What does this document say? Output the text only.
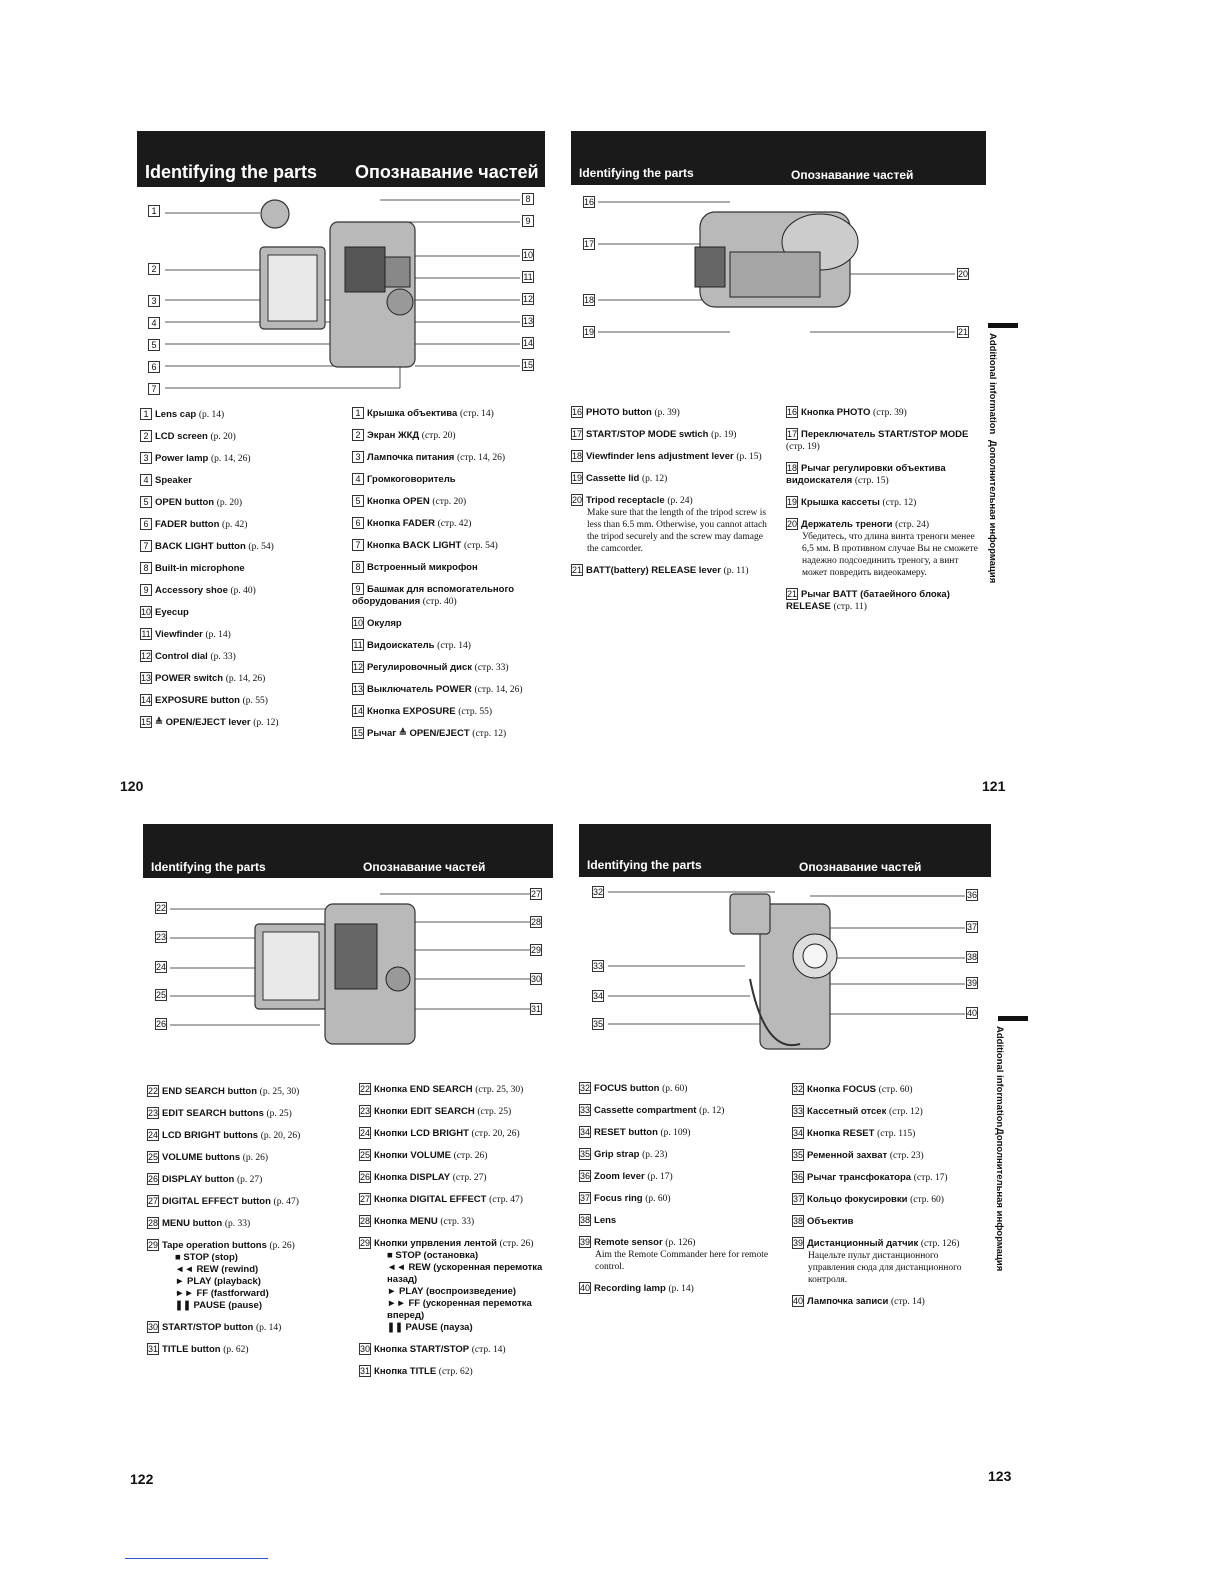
Identifying the parts Опознавание частей
1
2
3
4
5
6
7
8
9
10
11
12
13
14
15
1 Lens cap (p. 14)
2 LCD screen (p. 20)
3 Power lamp (p. 14, 26)
4 Speaker
5 OPEN button (p. 20)
6 FADER button (p. 42)
7 BACK LIGHT button (p. 54)
8 Built-in microphone
9 Accessory shoe (p. 40)
10 Eyecup
11 Viewfinder (p. 14)
12 Control dial (p. 33)
13 POWER switch (p. 14, 26)
14 EXPOSURE button (p. 55)
15 ≜ OPEN/EJECT lever (p. 12)
1 Крышка объектива (стр. 14)
2 Экран ЖКД (стр. 20)
3 Лампочка питания (стр. 14, 26)
4 Громкоговоритель
5 Кнопка OPEN (стр. 20)
6 Кнопка FADER (стр. 42)
7 Кнопка BACK LIGHT (стр. 54)
8 Встроенный микрофон
9 Башмак для вспомогательного оборудования (стр. 40)
10 Окуляр
11 Видоискатель (стр. 14)
12 Регулировочный диск (стр. 33)
13 Выключатель POWER (стр. 14, 26)
14 Кнопка EXPOSURE (стр. 55)
15 Рычаг ≜ OPEN/EJECT (стр. 12)
120
Identifying the parts	Опознавание частей
16
17
18
19
20
21
16 PHOTO button (p. 39)
17 START/STOP MODE swtich (p. 19)
18 Viewfinder lens adjustment lever (p. 15)
19 Cassette lid (p. 12)
20 Tripod receptacle (p. 24)
Make sure that the length of the tripod screw is less than 6.5 mm. Otherwise, you cannot attach the tripod securely and the screw may damage the camcorder.
21 BATT(battery) RELEASE lever (p. 11)
16 Кнопка PHOTO (стр. 39)
17 Переключатель START/STOP MODE (стр. 19)
18 Рычаг регулировки объектива видоискателя (стр. 15)
19 Крышка кассеты (стр. 12)
20 Держатель треноги (стр. 24)
Убедитесь, что длина винта треноги менее 6,5 мм. В противном случае Вы не сможете надежно подсоединить треногу, а винт может повредить видеокамеру.
21 Рычаг BATT (батаейного блока) RELEASE (стр. 11)
121
Additional information
Дополнительная информация
Identifying the parts	Опознавание частей
22
23
24
25
26
27
28
29
30
31
22 END SEARCH button (p. 25, 30)
23 EDIT SEARCH buttons (p. 25)
24 LCD BRIGHT buttons (p. 20, 26)
25 VOLUME buttons (p. 26)
26 DISPLAY button (p. 27)
27 DIGITAL EFFECT button (p. 47)
28 MENU button (p. 33)
29 Tape operation buttons (p. 26)
■ STOP (stop)
◄◄ REW (rewind)
► PLAY (playback)
►► FF (fastforward)
❚❚ PAUSE (pause)
30 START/STOP button (p. 14)
31 TITLE button (p. 62)
22 Кнопка END SEARCH (стр. 25, 30)
23 Кнопки EDIT SEARCH (стр. 25)
24 Кнопки LCD BRIGHT (стр. 20, 26)
25 Кнопки VOLUME (стр. 26)
26 Кнопка DISPLAY (стр. 27)
27 Кнопка DIGITAL EFFECT (стр. 47)
28 Кнопка MENU (стр. 33)
29 Кнопки упрвления лентой (стр. 26)
■ STOP (остановка)
◄◄ REW (ускоренная перемотка назад)
► PLAY (воспроизведение)
►► FF (ускоренная перемотка вперед)
❚❚ PAUSE (пауза)
30 Кнопка START/STOP (стр. 14)
31 Кнопка TITLE (стр. 62)
122
Identifying the parts	Опознавание частей
32
33
34
35
36
37
38
39
40
32 FOCUS button (p. 60)
33 Cassette compartment (p. 12)
34 RESET button (p. 109)
35 Grip strap (p. 23)
36 Zoom lever (p. 17)
37 Focus ring (p. 60)
38 Lens
39 Remote sensor (p. 126)
Aim the Remote Commander here for remote control.
40 Recording lamp (p. 14)
32 Кнопка FOCUS (стр. 60)
33 Кассетный отсек (стр. 12)
34 Кнопка RESET (стр. 115)
35 Ременной захват (стр. 23)
36 Рычаг трансфокатора (стр. 17)
37 Кольцо фокусировки (стр. 60)
38 Объектив
39 Дистанционный датчик (стр. 126)
Нацельте пульт дистанционного управления сюда для дистанционного контроля.
40 Лампочка записи (стр. 14)
123
Additional information
Дополнительная информация
